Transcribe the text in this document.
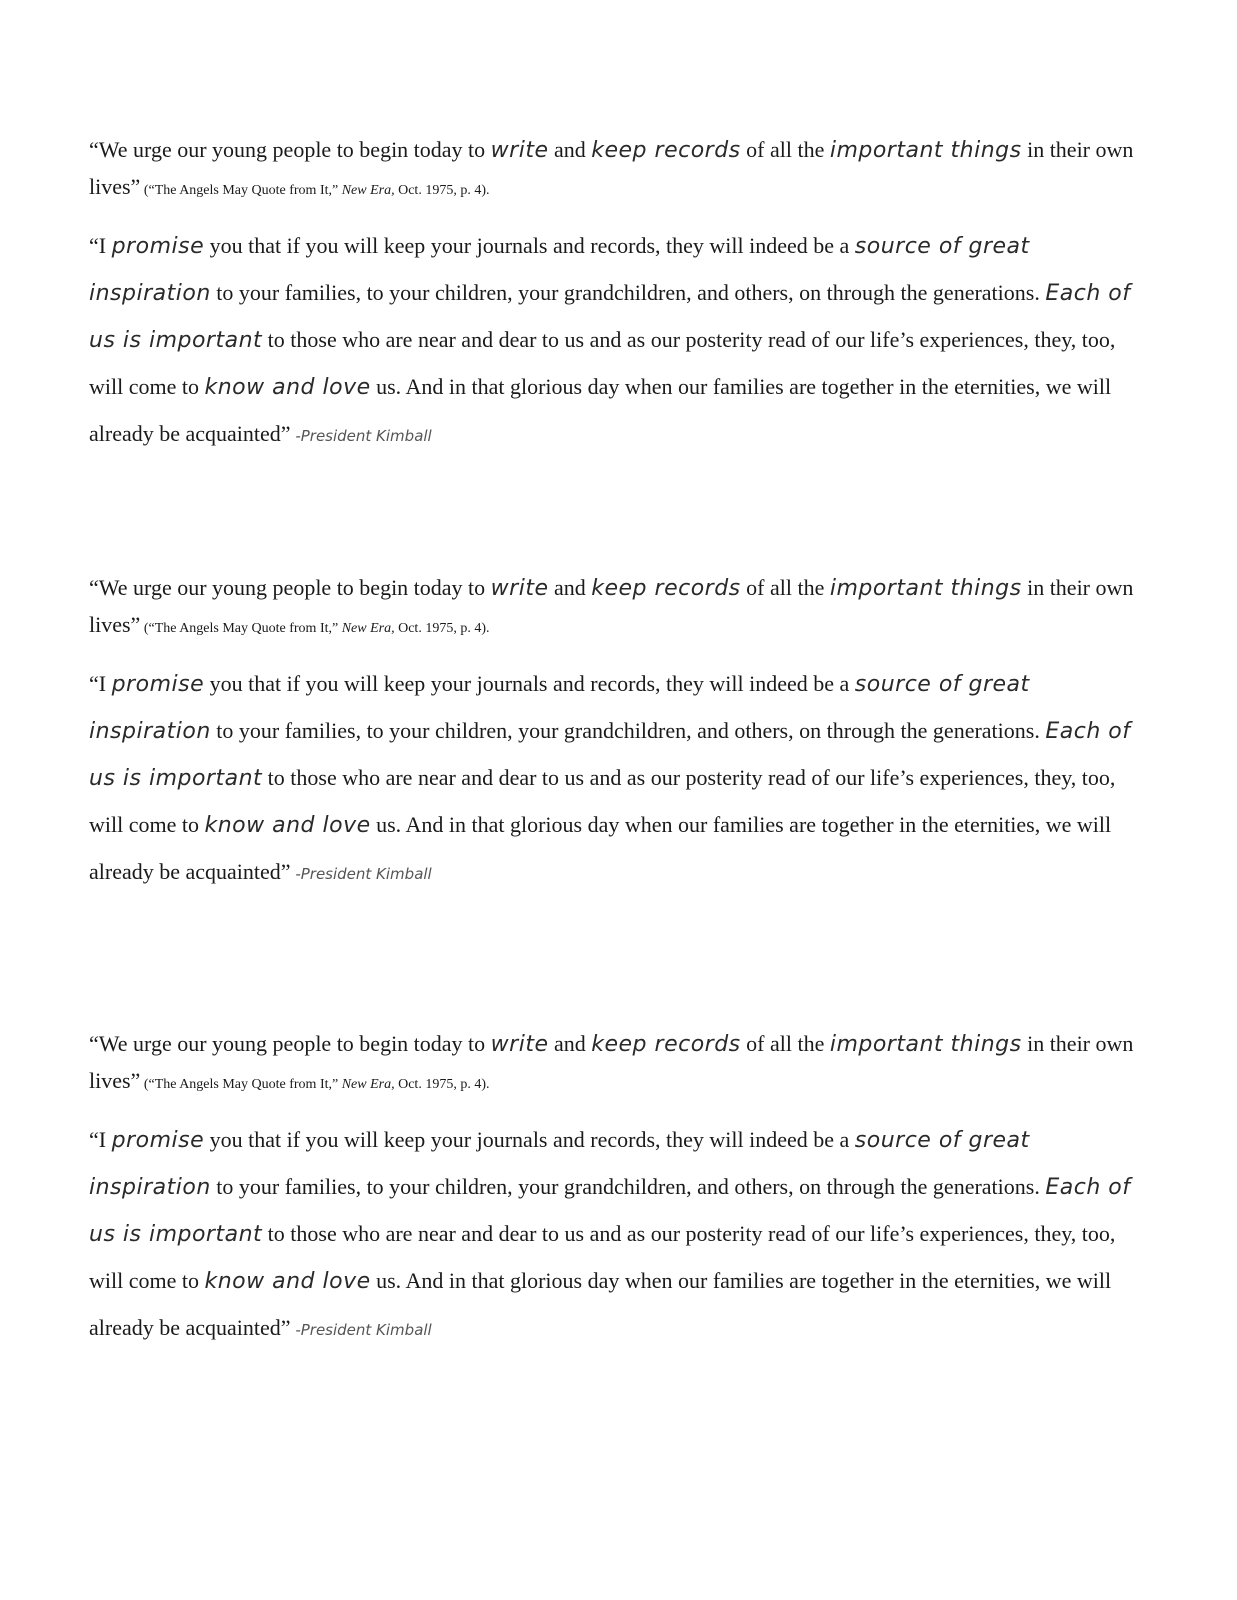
“We urge our young people to begin today to write and keep records of all the important things in their own lives” (“The Angels May Quote from It,” New Era, Oct. 1975, p. 4).

“I promise you that if you will keep your journals and records, they will indeed be a source of great inspiration to your families, to your children, your grandchildren, and others, on through the generations. Each of us is important to those who are near and dear to us and as our posterity read of our life’s experiences, they, too, will come to know and love us. And in that glorious day when our families are together in the eternities, we will already be acquainted” -President Kimball

“We urge our young people to begin today to write and keep records of all the important things in their own lives” (“The Angels May Quote from It,” New Era, Oct. 1975, p. 4).

“I promise you that if you will keep your journals and records, they will indeed be a source of great inspiration to your families, to your children, your grandchildren, and others, on through the generations. Each of us is important to those who are near and dear to us and as our posterity read of our life’s experiences, they, too, will come to know and love us. And in that glorious day when our families are together in the eternities, we will already be acquainted” -President Kimball

“We urge our young people to begin today to write and keep records of all the important things in their own lives” (“The Angels May Quote from It,” New Era, Oct. 1975, p. 4).

“I promise you that if you will keep your journals and records, they will indeed be a source of great inspiration to your families, to your children, your grandchildren, and others, on through the generations. Each of us is important to those who are near and dear to us and as our posterity read of our life’s experiences, they, too, will come to know and love us. And in that glorious day when our families are together in the eternities, we will already be acquainted” -President Kimball
